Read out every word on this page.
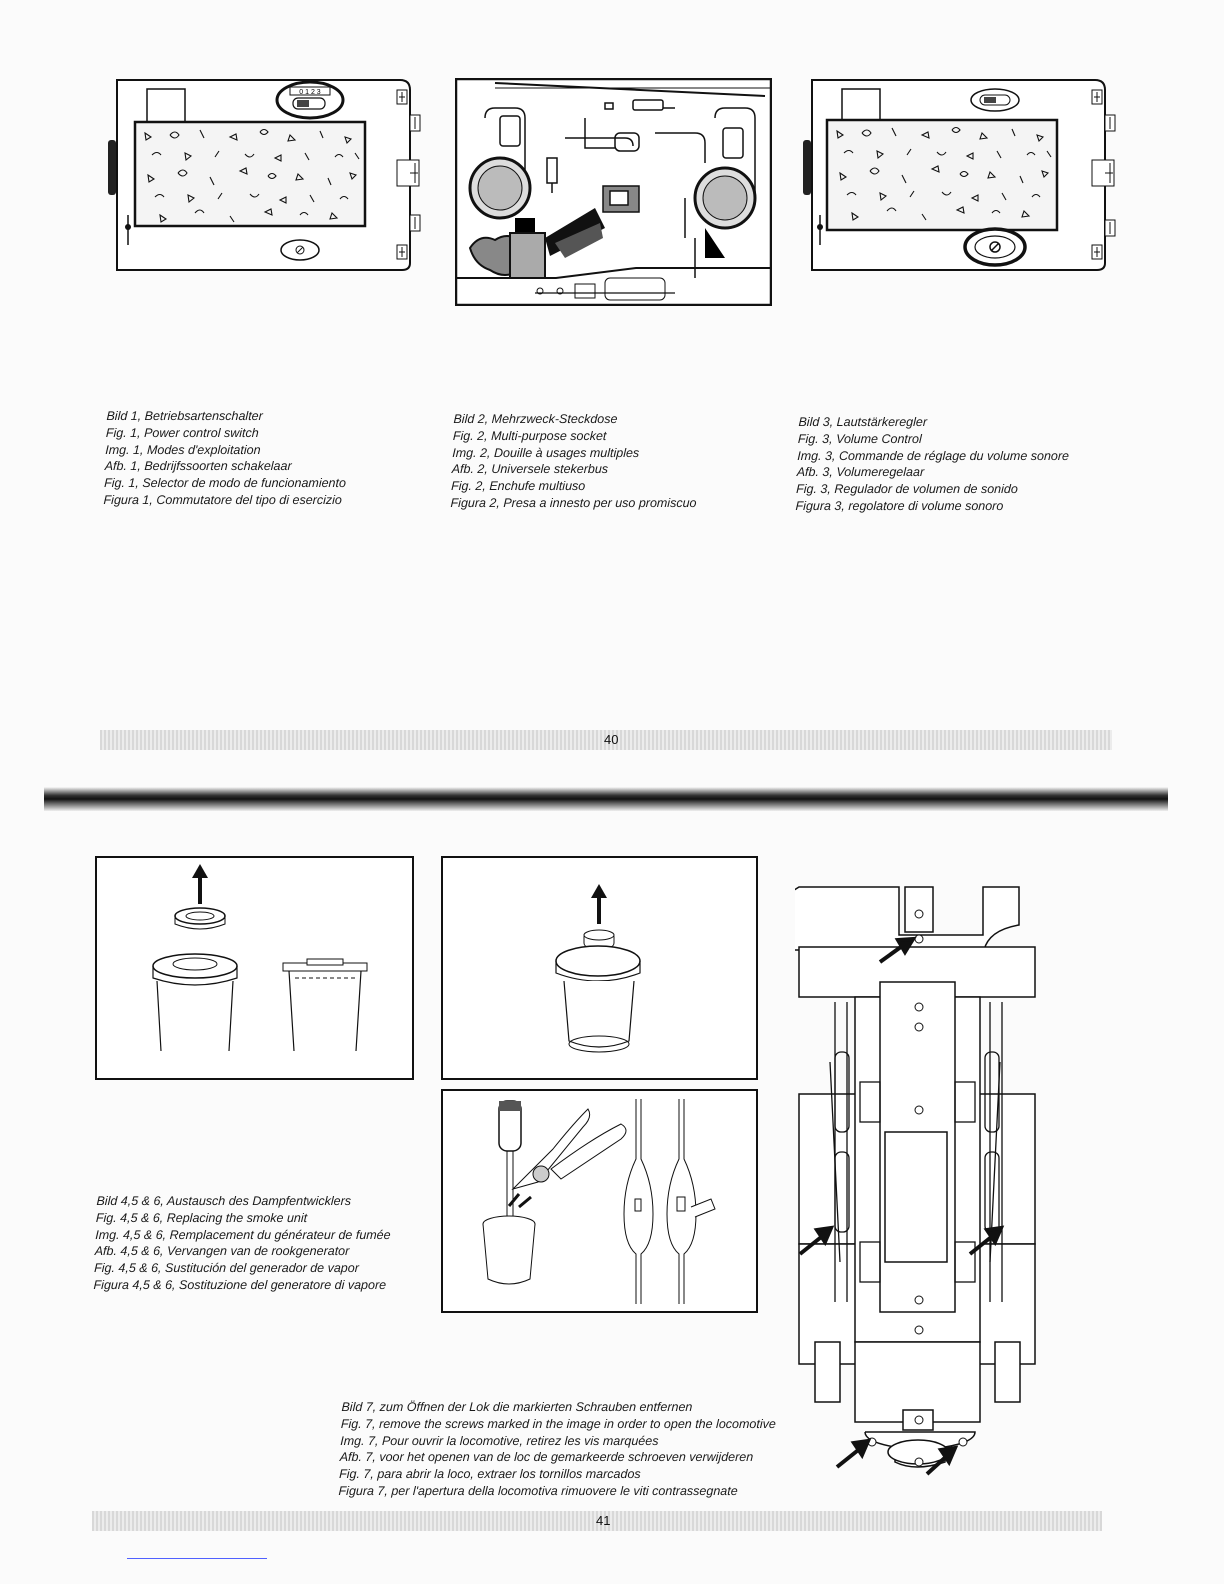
0 1 2 3
Bild 1, Betriebsartenschalter
Fig. 1, Power control switch
Img. 1, Modes d'exploitation
Afb. 1, Bedrijfssoorten schakelaar
Fig. 1, Selector de modo de funcionamiento
Figura 1, Commutatore del tipo di esercizio
Bild 2, Mehrzweck-Steckdose
Fig. 2, Multi-purpose socket
Img. 2, Douille à usages multiples
Afb. 2, Universele stekerbus
Fig. 2, Enchufe multiuso
Figura 2, Presa a innesto per uso promiscuo
Bild 3, Lautstärkeregler
Fig. 3, Volume Control
Img. 3, Commande de réglage du volume sonore
Afb. 3, Volumeregelaar
Fig. 3, Regulador de volumen de sonido
Figura 3, regolatore di volume sonoro
40
Bild 4,5 & 6, Austausch des Dampfentwicklers
Fig. 4,5 & 6, Replacing the smoke unit
Img. 4,5 & 6, Remplacement du générateur de fumée
Afb. 4,5 & 6, Vervangen van de rookgenerator
Fig. 4,5 & 6, Sustitución del generador de vapor
Figura 4,5 & 6, Sostituzione del generatore di vapore
Bild 7, zum Öffnen der Lok die markierten Schrauben entfernen
Fig. 7, remove the screws marked in the image in order to open the locomotive
Img. 7, Pour ouvrir la locomotive, retirez les vis marquées
Afb. 7, voor het openen van de loc de gemarkeerde schroeven verwijderen
Fig. 7, para abrir la loco, extraer los tornillos marcados
Figura 7, per l'apertura della locomotiva rimuovere le viti contrassegnate
41
